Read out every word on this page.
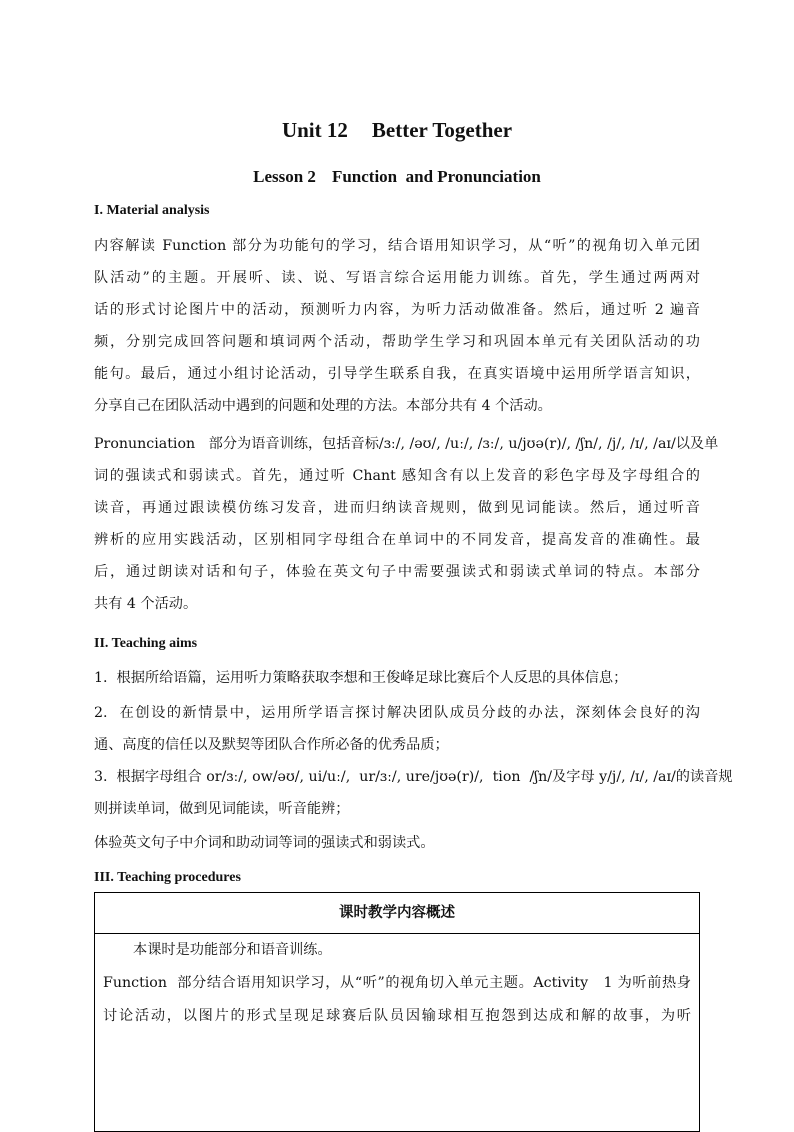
Unit 12 Better Together
Lesson 2 Function  and Pronunciation
I. Material analysis
内容解读 Function 部分为功能句的学习，结合语用知识学习，从“听”的视角切入单元团
队活动”的主题。开展听、读、说、写语言综合运用能力训练。首先，学生通过两两对
话的形式讨论图片中的活动，预测听力内容，为听力活动做准备。然后，通过听 2 遍音
频，分别完成回答问题和填词两个活动，帮助学生学习和巩固本单元有关团队活动的功
能句。最后，通过小组讨论活动，引导学生联系自我，在真实语境中运用所学语言知识，
分享自己在团队活动中遇到的问题和处理的方法。本部分共有 4 个活动。
Pronunciation   部分为语音训练，包括音标/ɜː/, /əʊ/, /uː/, /ɜː/, u/jʊə(r)/, /ʃn/, /j/, /ɪ/, /aɪ/以及单
词的强读式和弱读式。首先，通过听 Chant 感知含有以上发音的彩色字母及字母组合的
读音，再通过跟读模仿练习发音，进而归纳读音规则，做到见词能读。然后，通过听音
辨析的应用实践活动，区别相同字母组合在单词中的不同发音，提高发音的准确性。最
后，通过朗读对话和句子，体验在英文句子中需要强读式和弱读式单词的特点。本部分
共有 4 个活动。
II. Teaching aims
1.  根据所给语篇，运用听力策略获取李想和王俊峰足球比赛后个人反思的具体信息；
2.  在创设的新情景中，运用所学语言探讨解决团队成员分歧的办法，深刻体会良好的沟
通、高度的信任以及默契等团队合作所必备的优秀品质；
3.  根据字母组合 or/ɜː/, ow/əʊ/, ui/uː/,  ur/ɜː/, ure/jʊə(r)/,  tion  /ʃn/及字母 y/j/, /ɪ/, /aɪ/的读音规
则拼读单词，做到见词能读，听音能辨；
体验英文句子中介词和助动词等词的强读式和弱读式。
III. Teaching procedures
课时教学内容概述
本课时是功能部分和语音训练。
Function  部分结合语用知识学习，从“听”的视角切入单元主题。Activity   1 为听前热身
讨论活动，以图片的形式呈现足球赛后队员因输球相互抱怨到达成和解的故事，为听
